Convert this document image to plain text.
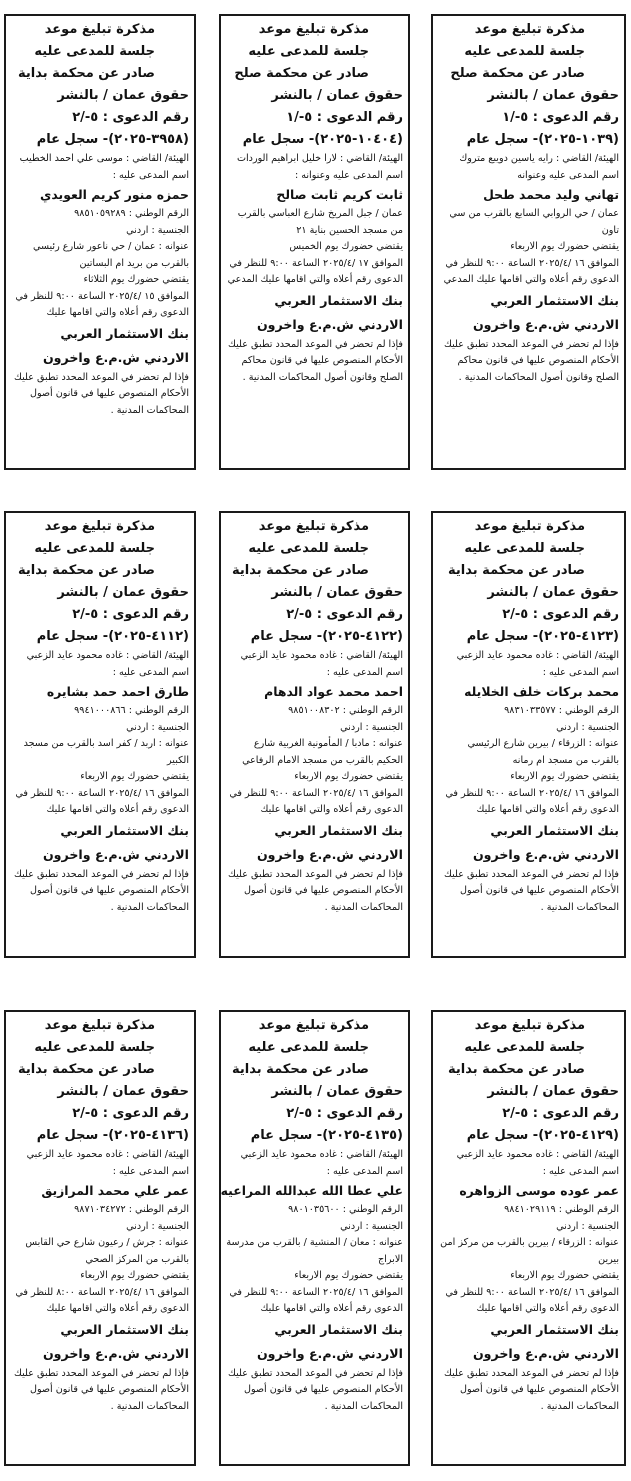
مذكرة تبليغ موعد
جلسة للمدعى عليه
صادر عن محكمة صلح
حقوق عمان / بالنشر
رقم الدعوى : ٥-/١
(١٠٣٩-٢٠٢٥)- سجل عام
الهيئة/ القاضي : رايه ياسين دويبع متروك
اسم المدعى عليه وعنوانه
تهاني وليد محمد طحل
عمان / حي الروابي السابع بالقرب من سي تاون
يقتضي حضورك يوم الاربعاء
الموافق ١٦ /٢٠٢٥/٤ الساعة ٩:٠٠ للنظر في الدعوى رقم أعلاه والتي اقامها عليك المدعي
بنك الاستثمار العربي
الاردني ش.م.ع واخرون
فإذا لم تحضر في الموعد المحدد تطبق عليك الأحكام المنصوص عليها في قانون محاكم الصلح وقانون أصول المحاكمات المدنية .
مذكرة تبليغ موعد
جلسة للمدعى عليه
صادر عن محكمة صلح
حقوق عمان / بالنشر
رقم الدعوى : ٥-/١
(١٠٤٠٤-٢٠٢٥)- سجل عام
الهيئة/ القاضي : لارا خليل ابراهيم الوردات
اسم المدعى عليه وعنوانه :
ثابت كريم ثابت صالح
عمان / جبل المريخ شارع العباسي بالقرب من مسجد الحسين بناية ٢١
يقتضي حضورك يوم الخميس
الموافق ١٧ /٢٠٢٥/٤ الساعة ٩:٠٠ للنظر في الدعوى رقم أعلاه والتي اقامها عليك المدعي
بنك الاستثمار العربي
الاردني ش.م.ع واخرون
فإذا لم تحضر في الموعد المحدد تطبق عليك الأحكام المنصوص عليها في قانون محاكم الصلح وقانون أصول المحاكمات المدنية .
مذكرة تبليغ موعد
جلسة للمدعى عليه
صادر عن محكمة بداية
حقوق عمان / بالنشر
رقم الدعوى : ٥-/٢
(٣٩٥٨-٢٠٢٥)- سجل عام
الهيئة/ القاضي : موسى علي احمد الخطيب
اسم المدعى عليه :
حمزه منور كريم العويدي
الرقم الوطني : ٩٨٥١٠٥٩٢٨٩
الجنسية : اردني
عنوانه : عمان / حي ناعور شارع رئيسي بالقرب من بريد ام البساتين
يقتضي حضورك يوم الثلاثاء
الموافق ١٥ /٢٠٢٥/٤ الساعة ٩:٠٠ للنظر في الدعوى رقم أعلاه والتي اقامها عليك
بنك الاستثمار العربي
الاردني ش.م.ع واخرون
فإذا لم تحضر في الموعد المحدد تطبق عليك الأحكام المنصوص عليها في قانون أصول المحاكمات المدنية .
مذكرة تبليغ موعد
جلسة للمدعى عليه
صادر عن محكمة بداية
حقوق عمان / بالنشر
رقم الدعوى : ٥-/٢
(٤١٢٣-٢٠٢٥)- سجل عام
الهيئة/ القاضي : غاده محمود عايد الزعبي
اسم المدعى عليه :
محمد بركات خلف الخلايله
الرقم الوطني : ٩٨٣١٠٣٣٥٧٧
الجنسية : اردني
عنوانه : الزرقاء / بيرين شارع الرئيسي بالقرب من مسجد ام رمانه
يقتضي حضورك يوم الاربعاء
الموافق ١٦ /٢٠٢٥/٤ الساعة ٩:٠٠ للنظر في الدعوى رقم أعلاه والتي اقامها عليك
بنك الاستثمار العربي
الاردني ش.م.ع واخرون
فإذا لم تحضر في الموعد المحدد تطبق عليك الأحكام المنصوص عليها في قانون أصول المحاكمات المدنية .
مذكرة تبليغ موعد
جلسة للمدعى عليه
صادر عن محكمة بداية
حقوق عمان / بالنشر
رقم الدعوى : ٥-/٢
(٤١٢٢-٢٠٢٥)- سجل عام
الهيئة/ القاضي : غاده محمود عايد الزعبي
اسم المدعى عليه :
احمد محمد عواد الدهام
الرقم الوطني : ٩٨٥١٠٠٨٣٠٢
الجنسية : اردني
عنوانه : مادبا / المأمونية الغربية شارع الحكيم بالقرب من مسجد الامام الرفاعي
يقتضي حضورك يوم الاربعاء
الموافق ١٦ /٢٠٢٥/٤ الساعة ٩:٠٠ للنظر في الدعوى رقم أعلاه والتي اقامها عليك
بنك الاستثمار العربي
الاردني ش.م.ع واخرون
فإذا لم تحضر في الموعد المحدد تطبق عليك الأحكام المنصوص عليها في قانون أصول المحاكمات المدنية .
مذكرة تبليغ موعد
جلسة للمدعى عليه
صادر عن محكمة بداية
حقوق عمان / بالنشر
رقم الدعوى : ٥-/٢
(٤١١٢-٢٠٢٥)- سجل عام
الهيئة/ القاضي : غاده محمود عايد الزعبي
اسم المدعى عليه :
طارق احمد حمد بشايره
الرقم الوطني : ٩٩٤١٠٠٠٨٦٦
الجنسية : اردني
عنوانه : اربد / كفر اسد بالقرب من مسجد الكبير
يقتضي حضورك يوم الاربعاء
الموافق ١٦ /٢٠٢٥/٤ الساعة ٩:٠٠ للنظر في الدعوى رقم أعلاه والتي اقامها عليك
بنك الاستثمار العربي
الاردني ش.م.ع واخرون
فإذا لم تحضر في الموعد المحدد تطبق عليك الأحكام المنصوص عليها في قانون أصول المحاكمات المدنية .
مذكرة تبليغ موعد
جلسة للمدعى عليه
صادر عن محكمة بداية
حقوق عمان / بالنشر
رقم الدعوى : ٥-/٢
(٤١٢٩-٢٠٢٥)- سجل عام
الهيئة/ القاضي : غاده محمود عايد الزعبي
اسم المدعى عليه :
عمر عوده موسى الزواهره
الرقم الوطني : ٩٨٤١٠٢٩١١٩
الجنسية : اردني
عنوانه : الزرقاء / بيرين بالقرب من مركز امن بيرين
يقتضي حضورك يوم الاربعاء
الموافق ١٦ /٢٠٢٥/٤ الساعة ٩:٠٠ للنظر في الدعوى رقم أعلاه والتي اقامها عليك
بنك الاستثمار العربي
الاردني ش.م.ع واخرون
فإذا لم تحضر في الموعد المحدد تطبق عليك الأحكام المنصوص عليها في قانون أصول المحاكمات المدنية .
مذكرة تبليغ موعد
جلسة للمدعى عليه
صادر عن محكمة بداية
حقوق عمان / بالنشر
رقم الدعوى : ٥-/٢
(٤١٣٥-٢٠٢٥)- سجل عام
الهيئة/ القاضي : غاده محمود عايد الزعبي
اسم المدعى عليه :
علي عطا الله عبدالله المراعيه
الرقم الوطني : ٩٨٠١٠٣٥٦٠٠
الجنسية : اردني
عنوانه : معان / المنشية / بالقرب من مدرسة الابراج
يقتضي حضورك يوم الاربعاء
الموافق ١٦ /٢٠٢٥/٤ الساعة ٩:٠٠ للنظر في الدعوى رقم أعلاه والتي اقامها عليك
بنك الاستثمار العربي
الاردني ش.م.ع واخرون
فإذا لم تحضر في الموعد المحدد تطبق عليك الأحكام المنصوص عليها في قانون أصول المحاكمات المدنية .
مذكرة تبليغ موعد
جلسة للمدعى عليه
صادر عن محكمة بداية
حقوق عمان / بالنشر
رقم الدعوى : ٥-/٢
(٤١٣٦-٢٠٢٥)- سجل عام
الهيئة/ القاضي : غاده محمود عايد الزعبي
اسم المدعى عليه :
عمر علي محمد المرازيق
الرقم الوطني : ٩٨٧١٠٣٤٢٧٢
الجنسية : اردني
عنوانه : جرش / رعيون شارع حي القابس بالقرب من المركز الصحي
يقتضي حضورك يوم الاربعاء
الموافق ١٦ /٢٠٢٥/٤ الساعة ٨:٠٠ للنظر في الدعوى رقم أعلاه والتي اقامها عليك
بنك الاستثمار العربي
الاردني ش.م.ع واخرون
فإذا لم تحضر في الموعد المحدد تطبق عليك الأحكام المنصوص عليها في قانون أصول المحاكمات المدنية .
